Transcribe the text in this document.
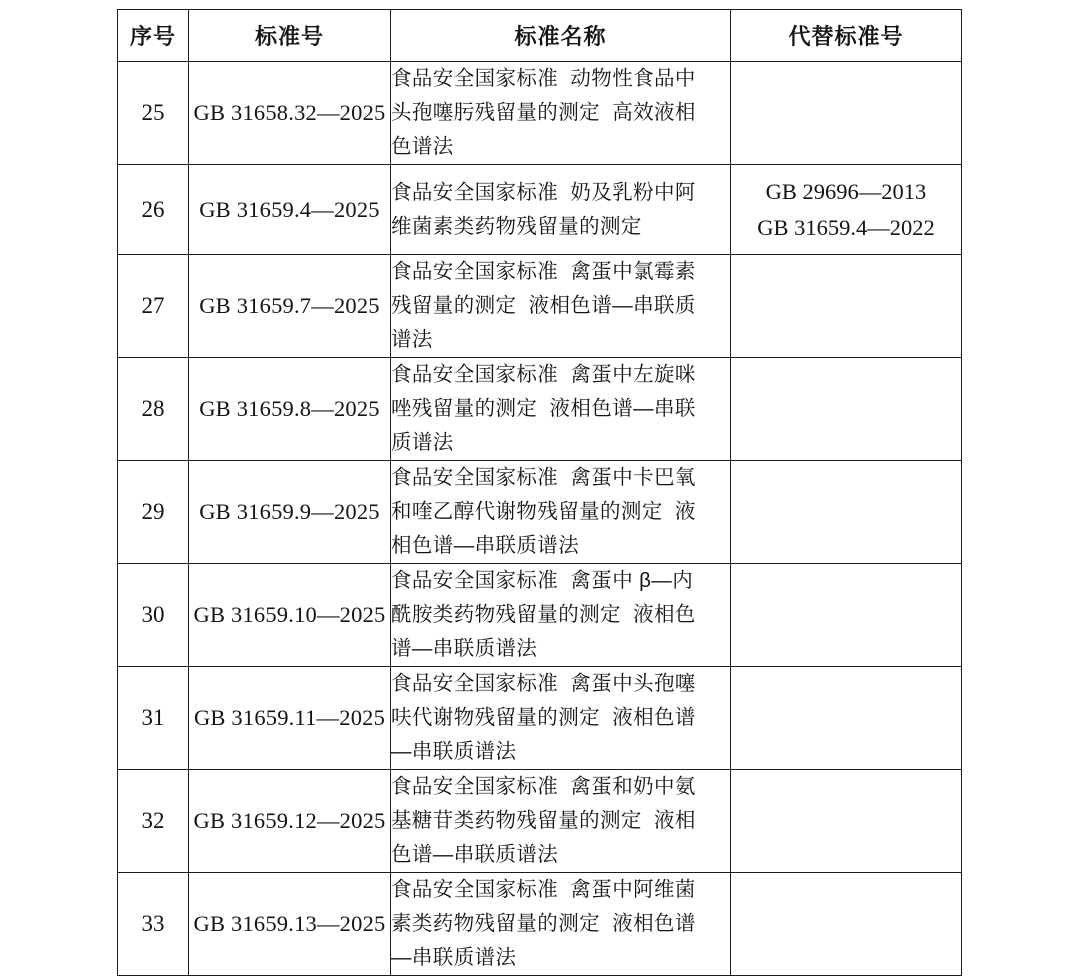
序号	标准号	标准名称	代替标准号
25	GB 31658.32—2025	食品安全国家标准  动物性食品中
头孢噻肟残留量的测定  高效液相
色谱法	

26	GB 31659.4—2025	食品安全国家标准  奶及乳粉中阿
维菌素类药物残留量的测定	GB 29696—2013
GB 31659.4—2022

27	GB 31659.7—2025	食品安全国家标准  禽蛋中氯霉素
残留量的测定  液相色谱—串联质
谱法	

28	GB 31659.8—2025	食品安全国家标准  禽蛋中左旋咪
唑残留量的测定  液相色谱—串联
质谱法	

29	GB 31659.9—2025	食品安全国家标准  禽蛋中卡巴氧
和喹乙醇代谢物残留量的测定  液
相色谱—串联质谱法	

30	GB 31659.10—2025	食品安全国家标准  禽蛋中 β—内
酰胺类药物残留量的测定  液相色
谱—串联质谱法	

31	GB 31659.11—2025	食品安全国家标准  禽蛋中头孢噻
呋代谢物残留量的测定  液相色谱
—串联质谱法	

32	GB 31659.12—2025	食品安全国家标准  禽蛋和奶中氨
基糖苷类药物残留量的测定  液相
色谱—串联质谱法	

33	GB 31659.13—2025	食品安全国家标准  禽蛋中阿维菌
素类药物残留量的测定  液相色谱
—串联质谱法	
